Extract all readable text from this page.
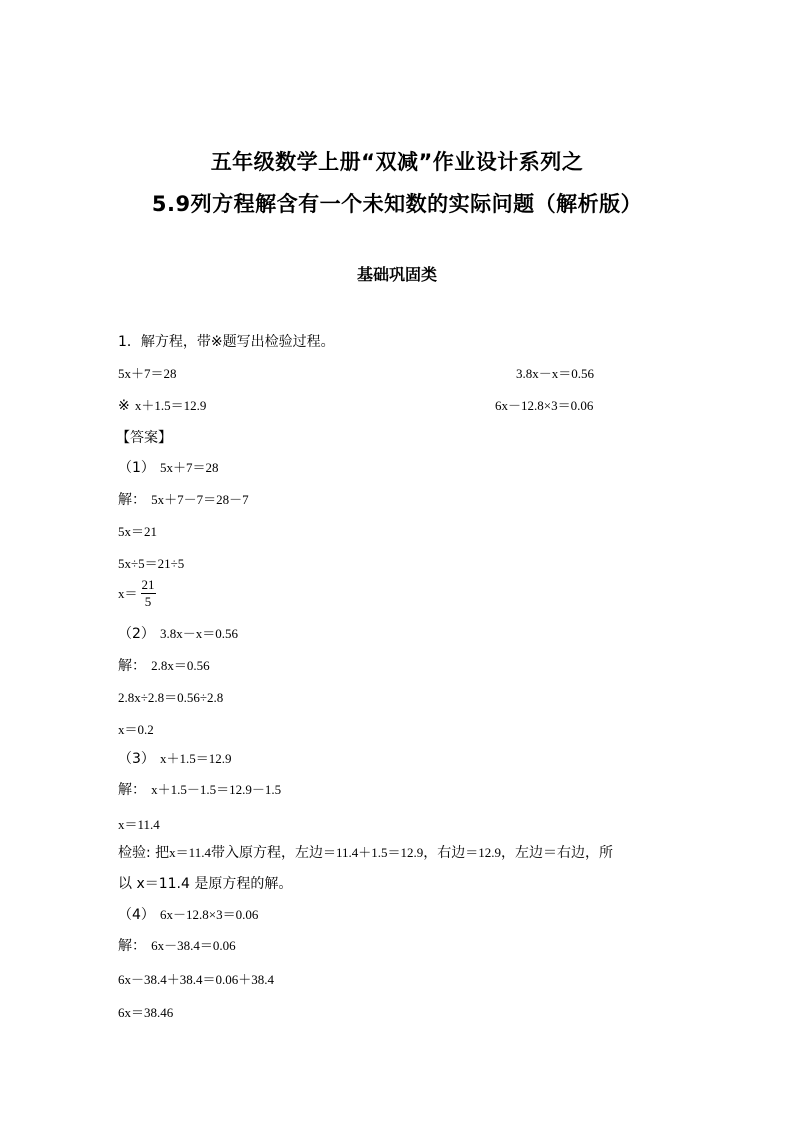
五年级数学上册“双减”作业设计系列之
5.9列方程解含有一个未知数的实际问题（解析版）
基础巩固类
1．解方程，带※题写出检验过程。
5x＋7＝28	3.8x－x＝0.56
※ x＋1.5＝12.9	6x－12.8×3＝0.06
【答案】
（1） 5x＋7＝28
解： 5x＋7－7＝28－7
5x＝21
5x÷5＝21÷5
$x= \frac{21}{5}$
（2） 3.8x－x＝0.56
解： 2.8x＝0.56
2.8x÷2.8＝0.56÷2.8
x＝0.2
（3） x＋1.5＝12.9
解： x＋1.5－1.5＝12.9－1.5
x＝11.4
检验: 把x＝11.4带入原方程，左边＝11.4＋1.5＝12.9，右边＝12.9，左边＝右边，所
以 x＝11.4 是原方程的解。
（4） 6x－12.8×3＝0.06
解： 6x－38.4＝0.06
6x－38.4＋38.4＝0.06＋38.4
6x＝38.46
